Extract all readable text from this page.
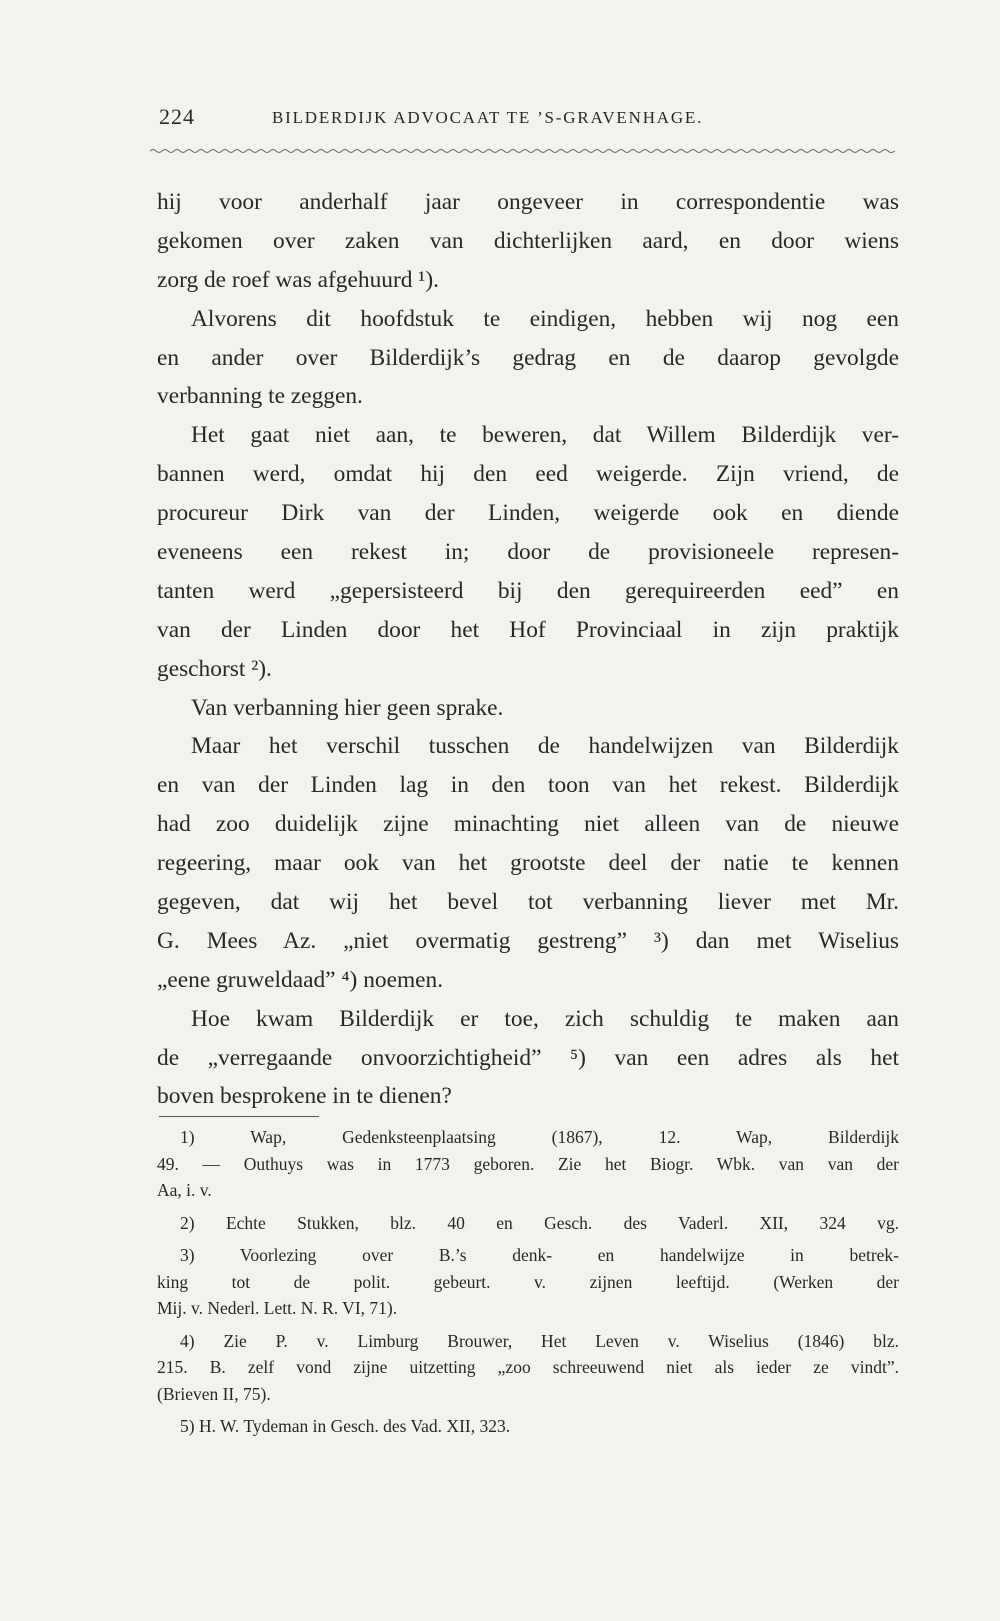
224	BILDERDIJK ADVOCAAT TE ’S-GRAVENHAGE.
hij voor anderhalf jaar ongeveer in correspondentie was
gekomen over zaken van dichterlijken aard, en door wiens
zorg de roef was afgehuurd ¹).
Alvorens dit hoofdstuk te eindigen, hebben wij nog een
en ander over Bilderdijk’s gedrag en de daarop gevolgde
verbanning te zeggen.
Het gaat niet aan, te beweren, dat Willem Bilderdijk ver-
bannen werd, omdat hij den eed weigerde. Zijn vriend, de
procureur Dirk van der Linden, weigerde ook en diende
eveneens een rekest in; door de provisioneele represen-
tanten werd „gepersisteerd bij den gerequireerden eed” en
van der Linden door het Hof Provinciaal in zijn praktijk
geschorst ²).
Van verbanning hier geen sprake.
Maar het verschil tusschen de handelwijzen van Bilderdijk
en van der Linden lag in den toon van het rekest. Bilderdijk
had zoo duidelijk zijne minachting niet alleen van de nieuwe
regeering, maar ook van het grootste deel der natie te kennen
gegeven, dat wij het bevel tot verbanning liever met Mr.
G. Mees Az. „niet overmatig gestreng” ³) dan met Wiselius
„eene gruweldaad” ⁴) noemen.
Hoe kwam Bilderdijk er toe, zich schuldig te maken aan
de „verregaande onvoorzichtigheid” ⁵) van een adres als het
boven besprokene in te dienen?
1) Wap, Gedenksteenplaatsing (1867), 12. Wap, Bilderdijk
49. — Outhuys was in 1773 geboren. Zie het Biogr. Wbk. van van der
Aa, i. v.
2) Echte Stukken, blz. 40 en Gesch. des Vaderl. XII, 324 vg.
3) Voorlezing over B.’s denk- en handelwijze in betrek-
king tot de polit. gebeurt. v. zijnen leeftijd. (Werken der
Mij. v. Nederl. Lett. N. R. VI, 71).
4) Zie P. v. Limburg Brouwer, Het Leven v. Wiselius (1846) blz.
215. B. zelf vond zijne uitzetting „zoo schreeuwend niet als ieder ze vindt”.
(Brieven II, 75).
5) H. W. Tydeman in Gesch. des Vad. XII, 323.
